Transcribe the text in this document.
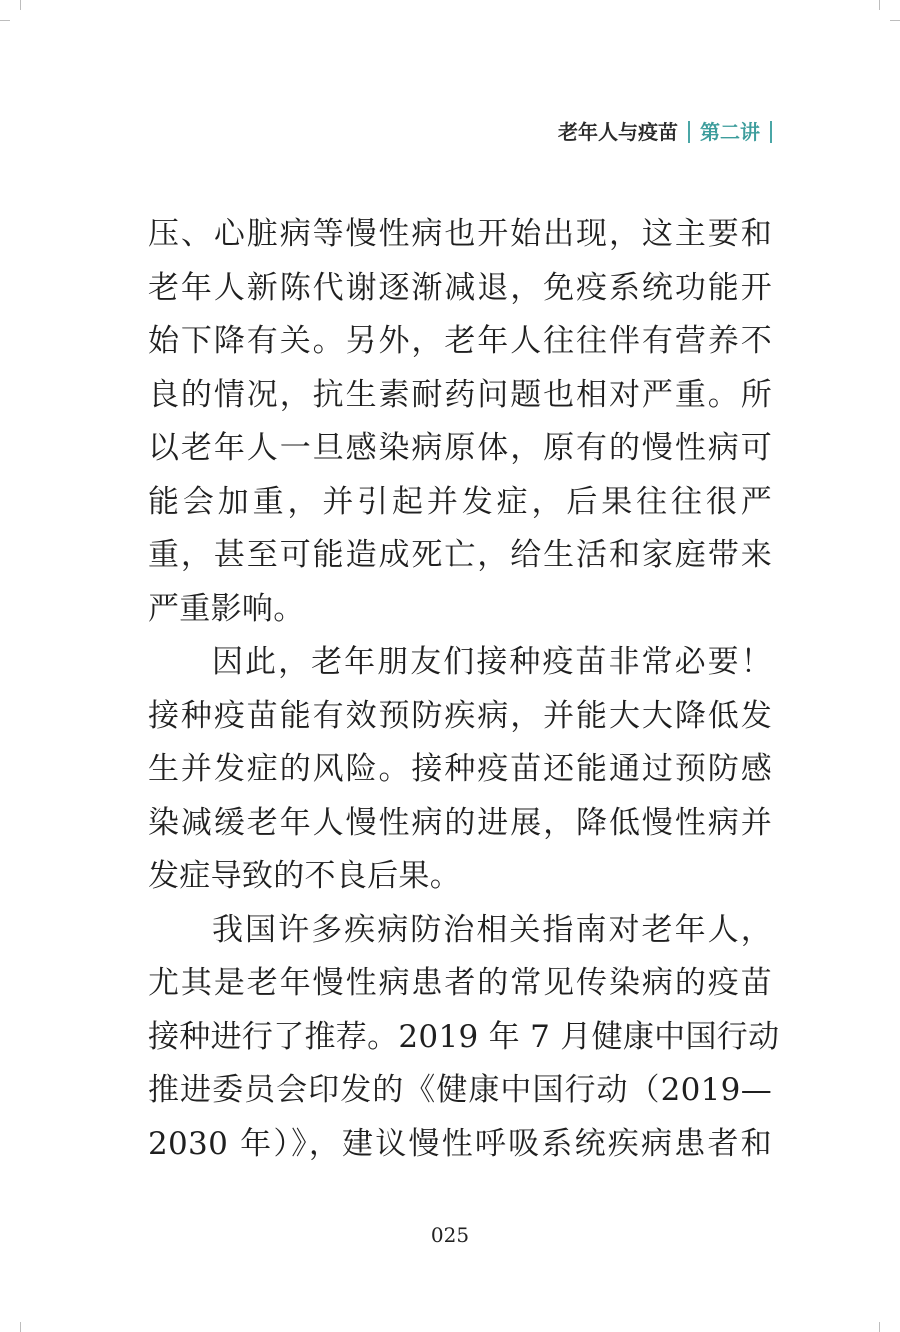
老年人与疫苗 第二讲
压、心脏病等慢性病也开始出现，这主要和
老年人新陈代谢逐渐减退，免疫系统功能开
始下降有关。另外，老年人往往伴有营养不
良的情况，抗生素耐药问题也相对严重。所
以老年人一旦感染病原体，原有的慢性病可
能会加重，并引起并发症，后果往往很严
重，甚至可能造成死亡，给生活和家庭带来
严重影响。
因此，老年朋友们接种疫苗非常必要！
接种疫苗能有效预防疾病，并能大大降低发
生并发症的风险。接种疫苗还能通过预防感
染减缓老年人慢性病的进展，降低慢性病并
发症导致的不良后果。
我国许多疾病防治相关指南对老年人，
尤其是老年慢性病患者的常见传染病的疫苗
接种进行了推荐。2019 年 7 月健康中国行动
推进委员会印发的《健康中国行动（2019—
2030 年）》，建议慢性呼吸系统疾病患者和
025
